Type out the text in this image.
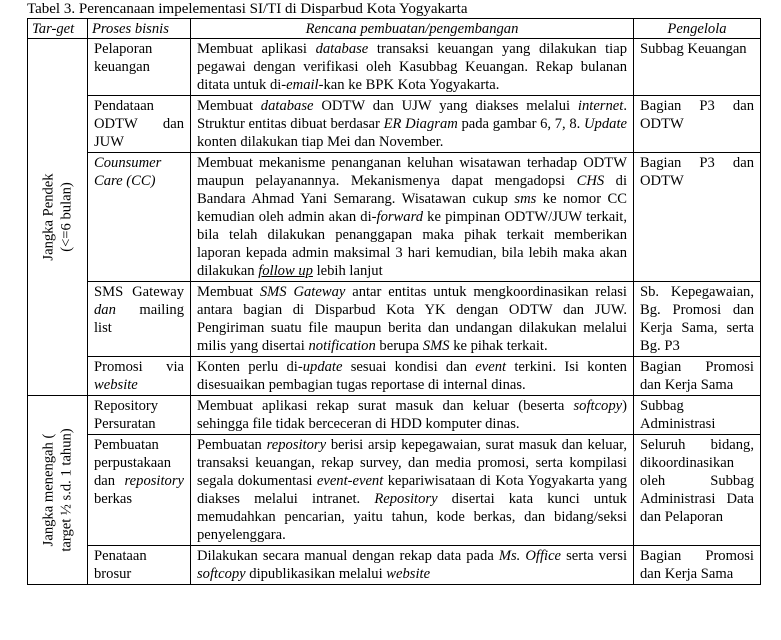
Tabel 3. Perencanaan impelementasi SI/TI di Disparbud Kota Yogyakarta
Tar-get	Proses bisnis	Rencana pembuatan/pengembangan	Pengelola

Jangka Pendek (<=6 bulan)	Pelaporan keuangan	Membuat aplikasi database transaksi keuangan yang dilakukan tiap pegawai dengan verifikasi oleh Kasubbag Keuangan. Rekap bulanan ditata untuk di-email-kan ke BPK Kota Yogyakarta.	Subbag Keuangan
	Pendataan ODTW dan JUW	Membuat database ODTW dan UJW yang diakses melalui internet. Struktur entitas dibuat berdasar ER Diagram pada gambar 6, 7, 8. Update konten dilakukan tiap Mei dan November.	Bagian P3 dan ODTW
	Counsumer Care (CC)	Membuat mekanisme penanganan keluhan wisatawan terhadap ODTW maupun pelayanannya. Mekanismenya dapat mengadopsi CHS di Bandara Ahmad Yani Semarang. Wisatawan cukup sms ke nomor CC kemudian oleh admin akan di-forward ke pimpinan ODTW/JUW terkait, bila telah dilakukan penanggapan maka pihak terkait memberikan laporan kepada admin maksimal 3 hari kemudian, bila lebih maka akan dilakukan follow up lebih lanjut	Bagian P3 dan ODTW
	SMS Gateway dan mailing list	Membuat SMS Gateway antar entitas untuk mengkoordinasikan relasi antara bagian di Disparbud Kota YK dengan ODTW dan JUW. Pengiriman suatu file maupun berita dan undangan dilakukan melalui milis yang disertai notification berupa SMS ke pihak terkait.	Sb. Kepegawaian, Bg. Promosi dan Kerja Sama, serta Bg. P3
	Promosi via website	Konten perlu di-update sesuai kondisi dan event terkini. Isi konten disesuaikan pembagian tugas reportase di internal dinas.	Bagian Promosi dan Kerja Sama

Jangka menengah ( target ½ s.d. 1 tahun)	Repository Persuratan	Membuat aplikasi rekap surat masuk dan keluar (beserta softcopy) sehingga file tidak berceceran di HDD komputer dinas.	Subbag Administrasi
	Pembuatan perpustakaan dan repository berkas	Pembuatan repository berisi arsip kepegawaian, surat masuk dan keluar, transaksi keuangan, rekap survey, dan media promosi, serta kompilasi segala dokumentasi event-event kepariwisataan di Kota Yogyakarta yang diakses melalui intranet. Repository disertai kata kunci untuk memudahkan pencarian, yaitu tahun, kode berkas, dan bidang/seksi penyelenggara.	Seluruh bidang, dikoordinasikan oleh Subbag Administrasi Data dan Pelaporan
	Penataan brosur	Dilakukan secara manual dengan rekap data pada Ms. Office serta versi softcopy dipublikasikan melalui website	Bagian Promosi dan Kerja Sama
